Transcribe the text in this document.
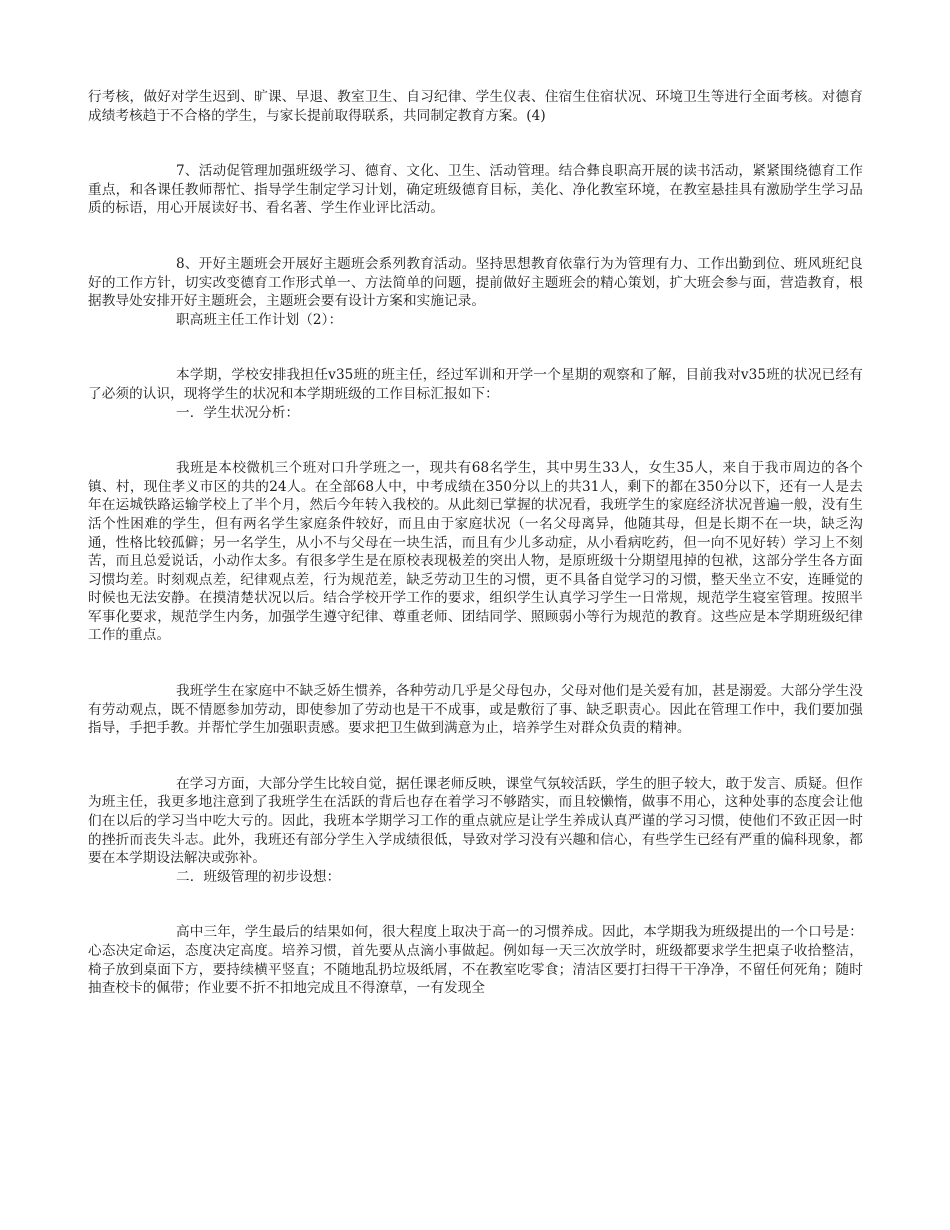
行考核，做好对学生迟到、旷课、早退、教室卫生、自习纪律、学生仪表、住宿生住宿状况、环境卫生等进行全面考核。对德育成绩考核趋于不合格的学生，与家长提前取得联系，共同制定教育方案。(4)

7、活动促管理加强班级学习、德育、文化、卫生、活动管理。结合彝良职高开展的读书活动，紧紧围绕德育工作重点，和各课任教师帮忙、指导学生制定学习计划，确定班级德育目标，美化、净化教室环境，在教室悬挂具有激励学生学习品质的标语，用心开展读好书、看名著、学生作业评比活动。

8、开好主题班会开展好主题班会系列教育活动。坚持思想教育依靠行为为管理有力、工作出勤到位、班风班纪良好的工作方针，切实改变德育工作形式单一、方法简单的问题，提前做好主题班会的精心策划，扩大班会参与面，营造教育，根据教导处安排开好主题班会，主题班会要有设计方案和实施记录。

职高班主任工作计划（2）：

本学期，学校安排我担任v35班的班主任，经过军训和开学一个星期的观察和了解，目前我对v35班的状况已经有了必须的认识，现将学生的状况和本学期班级的工作目标汇报如下：

一．学生状况分析：

我班是本校微机三个班对口升学班之一，现共有68名学生，其中男生33人，女生35人，来自于我市周边的各个镇、村，现住孝义市区的共的24人。在全部68人中，中考成绩在350分以上的共31人，剩下的都在350分以下，还有一人是去年在运城铁路运输学校上了半个月，然后今年转入我校的。从此刻已掌握的状况看，我班学生的家庭经济状况普遍一般，没有生活个性困难的学生，但有两名学生家庭条件较好，而且由于家庭状况（一名父母离异，他随其母，但是长期不在一块，缺乏沟通，性格比较孤僻；另一名学生，从小不与父母在一块生活，而且有少儿多动症，从小看病吃药，但一向不见好转）学习上不刻苦，而且总爱说话，小动作太多。有很多学生是在原校表现极差的突出人物，是原班级十分期望甩掉的包袱，这部分学生各方面习惯均差。时刻观点差，纪律观点差，行为规范差，缺乏劳动卫生的习惯，更不具备自觉学习的习惯，整天坐立不安，连睡觉的时候也无法安静。在摸清楚状况以后。结合学校开学工作的要求，组织学生认真学习学生一日常规，规范学生寝室管理。按照半军事化要求，规范学生内务，加强学生遵守纪律、尊重老师、团结同学、照顾弱小等行为规范的教育。这些应是本学期班级纪律工作的重点。

我班学生在家庭中不缺乏娇生惯养，各种劳动几乎是父母包办，父母对他们是关爱有加，甚是溺爱。大部分学生没有劳动观点，既不情愿参加劳动，即使参加了劳动也是干不成事，或是敷衍了事、缺乏职责心。因此在管理工作中，我们要加强指导，手把手教。并帮忙学生加强职责感。要求把卫生做到满意为止，培养学生对群众负责的精神。

在学习方面，大部分学生比较自觉，据任课老师反映，课堂气氛较活跃，学生的胆子较大，敢于发言、质疑。但作为班主任，我更多地注意到了我班学生在活跃的背后也存在着学习不够踏实，而且较懒惰，做事不用心，这种处事的态度会让他们在以后的学习当中吃大亏的。因此，我班本学期学习工作的重点就应是让学生养成认真严谨的学习习惯，使他们不致正因一时的挫折而丧失斗志。此外，我班还有部分学生入学成绩很低，导致对学习没有兴趣和信心，有些学生已经有严重的偏科现象，都要在本学期设法解决或弥补。

二．班级管理的初步设想：

高中三年，学生最后的结果如何，很大程度上取决于高一的习惯养成。因此，本学期我为班级提出的一个口号是：心态决定命运，态度决定高度。培养习惯，首先要从点滴小事做起。例如每一天三次放学时，班级都要求学生把桌子收拾整洁，椅子放到桌面下方，要持续横平竖直；不随地乱扔垃圾纸屑，不在教室吃零食；清洁区要打扫得干干净净，不留任何死角；随时抽查校卡的佩带；作业要不折不扣地完成且不得潦草，一有发现全
